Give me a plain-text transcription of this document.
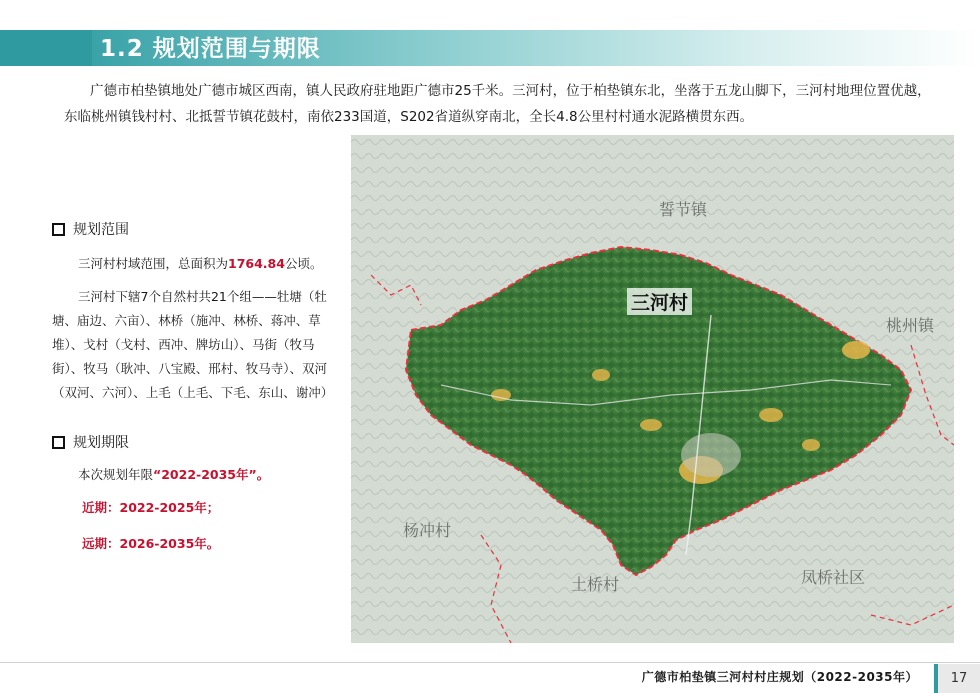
1.2 规划范围与期限
广德市柏垫镇地处广德市城区西南，镇人民政府驻地距广德市25千米。三河村，位于柏垫镇东北，坐落于五龙山脚下，三河村地理位置优越，东临桃州镇钱村村、北抵誓节镇花鼓村，南依233国道，S202省道纵穿南北，全长4.8公里村村通水泥路横贯东西。
规划范围
三河村村域范围，总面积为1764.84公顷。
三河村下辖7个自然村共21个组——牡塘（牡塘、庙边、六亩）、林桥（施冲、林桥、蒋冲、草堆）、戈村（戈村、西冲、牌坊山）、马街（牧马街）、牧马（耿冲、八宝殿、邢村、牧马寺）、双河（双河、六河）、上毛（上毛、下毛、东山、谢冲）
规划期限
本次规划年限“2022-2035年”。
近期：2022-2025年；
远期：2026-2035年。
三河村
誓节镇
桃州镇
杨冲村
土桥村	凤桥社区
广德市柏垫镇三河村村庄规划（2022-2035年）	17
